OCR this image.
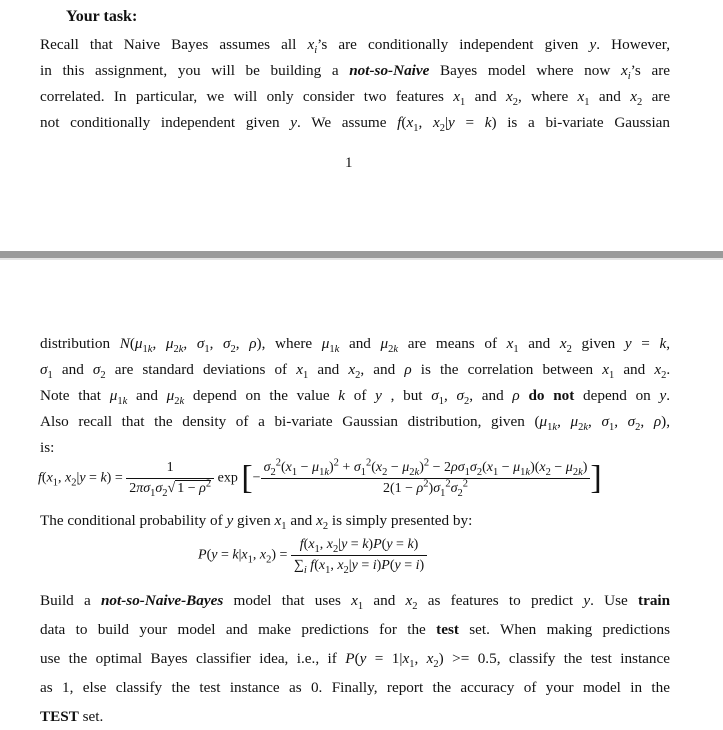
Your task:
Recall that Naive Bayes assumes all $x_i’s$ are conditionally independent given y. However,
in this assignment, you will be building a not-so-Naive Bayes model where now $x_i’s$ are
correlated. In particular, we will only consider two features $x_1$ and $x_2$, where $x_1$ and $x_2$ are
not conditionally independent given y. We assume $f(x_1$, $x_2|y = k$) is a bi-variate Gaussian
1
distribution $N(\mu_{1k}$, $\mu_{2k}$, $\sigma_1$, $\sigma_2$, ρ), where $\mu_{1k}$ and $\mu_{2k}$ are means of $x_1$ and $x_2$ given y = k,
$\sigma_1$ and $\sigma_2$ are standard deviations of $x_1$ and $x_2$, and ρ is the correlation between $x_1$ and $x_2$.
Note that $\mu_{1k}$ and $\mu_{2k}$ depend on the value k of y , but $\sigma_1$, $\sigma_2$, and ρ do not depend on y.
Also recall that the density of a bi-variate Gaussian distribution, given ($\mu_{1k}$, $\mu_{2k}$, $\sigma_1$, $\sigma_2$, ρ),
is:
$f(x_1$, $x_2|y = k) = \frac{1}{2\pi\sigma_1\sigma_2√ 1 - \rho^2}$ exp [− $\frac{\sigma_2^2(x_1 - \mu_{1k})^2 + \sigma_1^2(x_2 - \mu_{2k})^2 - 2\rho\sigma_1\sigma_2(x_1 - \mu_{1k})(x_2 - \mu_{2k})}{2(1 - \rho^2)\sigma_1^2\sigma_2^2}$ ]
The conditional probability of y given $x_1$ and $x_2$ is simply presented by:
$P(y = k|x_1$, $x_2) = \frac{f(x_1, x_2|y = k)P(y = k)}{\sum_i f(x_1, x_2|y = i)P(y = i)}$
Build a not-so-Naive-Bayes model that uses $x_1$ and $x_2$ as features to predict y. Use train
data to build your model and make predictions for the test set. When making predictions
use the optimal Bayes classifier idea, i.e., if $P(y = 1|x_1$, $x_2) >= 0.5$, classify the test instance
as 1, else classify the test instance as 0. Finally, report the accuracy of your model in the
TEST set.
